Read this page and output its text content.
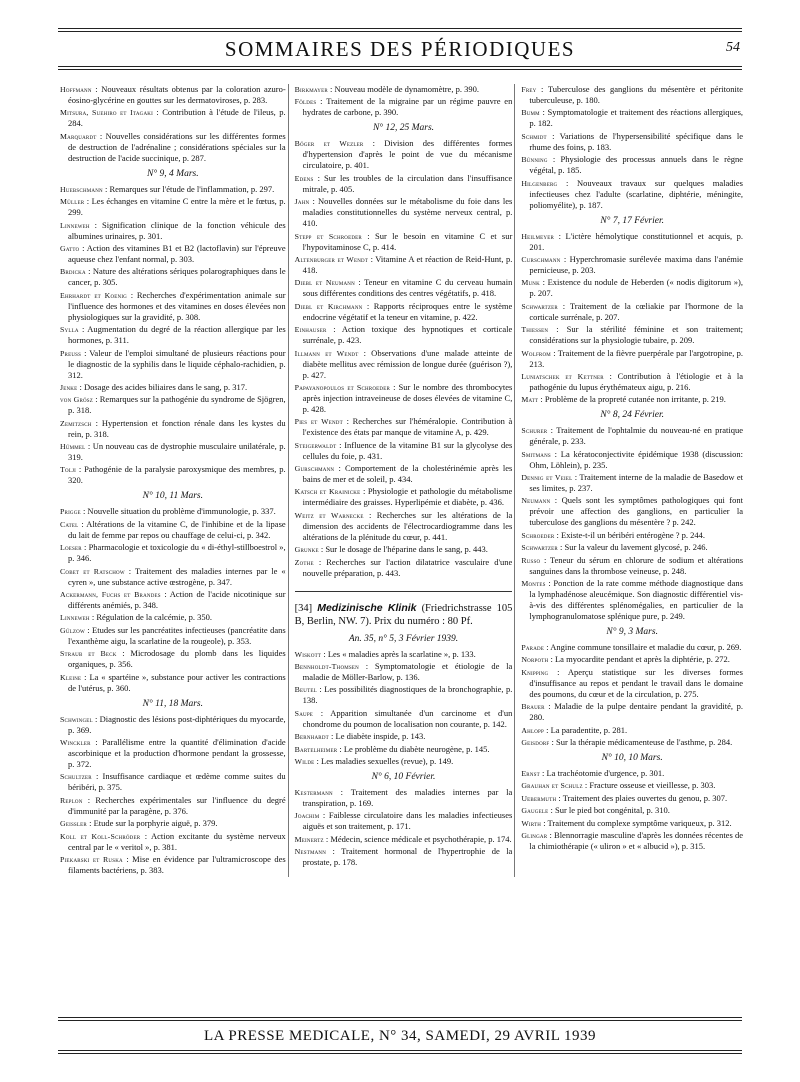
SOMMAIRES DES PÉRIODIQUES	54
Hoffmann : Nouveaux résultats obtenus par la coloration azuro-éosino-glycérine en gouttes sur les dermatoviroses, p. 283.
Mitsura, Suehiro et Itagaki : Contribution à l'étude de l'ileus, p. 284.
Marquardt : Nouvelles considérations sur les différentes formes de destruction de l'adrénaline ; considérations spéciales sur la destruction de l'acide succinique, p. 287.
N° 9, 4 Mars.
Huebschmann : Remarques sur l'étude de l'inflammation, p. 297.
Müller : Les échanges en vitamine C entre la mère et le fœtus, p. 299.
Linneweh : Signification clinique de la fonction véhicule des albumines urinaires, p. 301.
Gatto : Action des vitamines B1 et B2 (lactoflavin) sur l'épreuve aqueuse chez l'enfant normal, p. 303.
Brdicka : Nature des altérations sériques polarographiques dans le cancer, p. 305.
Ehrhardt et Koenig : Recherches d'expérimentation animale sur l'influence des hormones et des vitamines en doses élevées non physiologiques sur la gravidité, p. 308.
Sylla : Augmentation du degré de la réaction allergique par les hormones, p. 311.
Preuss : Valeur de l'emploi simultané de plusieurs réactions pour le diagnostic de la syphilis dans le liquide céphalo-rachidien, p. 312.
Jenke : Dosage des acides biliaires dans le sang, p. 317.
von Grösz : Remarques sur la pathogénie du syndrome de Sjögren, p. 318.
Zemitzsch : Hypertension et fonction rénale dans les kystes du rein, p. 318.
Hümmel : Un nouveau cas de dystrophie musculaire unilatérale, p. 319.
Tolji : Pathogénie de la paralysie paroxysmique des membres, p. 320.
N° 10, 11 Mars.
Prigge : Nouvelle situation du problème d'immunologie, p. 337.
Catel : Altérations de la vitamine C, de l'inhibine et de la lipase du lait de femme par repos ou chauffage de celui-ci, p. 342.
Loeser : Pharmacologie et toxicologie du « di-éthyl-stillboestrol », p. 346.
Cobet et Ratschow : Traitement des maladies internes par le « cyren », une substance active œstrogène, p. 347.
Ackermann, Fuchs et Brandes : Action de l'acide nicotinique sur différents anémiés, p. 348.
Linneweh : Régulation de la calcémie, p. 350.
Gülzow : Etudes sur les pancréatites infectieuses (pancréatite dans l'exanthème aigu, la scarlatine de la rougeole), p. 353.
Straub et Beck : Microdosage du plomb dans les liquides organiques, p. 356.
Kleine : La « spartéine », substance pour activer les contractions de l'utérus, p. 360.
N° 11, 18 Mars.
Schwingel : Diagnostic des lésions post-diphtériques du myocarde, p. 369.
Winckler : Parallélisme entre la quantité d'élimination d'acide ascorbinique et la production d'hormone pendant la grossesse, p. 372.
Schultzer : Insuffisance cardiaque et œdème comme suites du béribéri, p. 375.
Replon : Recherches expérimentales sur l'influence du degré d'immunité par la paragène, p. 376.
Geissler : Etude sur la porphyrie aiguë, p. 379.
Koll et Koll-Schröder : Action excitante du système nerveux central par le « veritol », p. 381.
Piekarski et Ruska : Mise en évidence par l'ultramicroscope des filaments bactériens, p. 383.
Birkmayer : Nouveau modèle de dynamomètre, p. 390.
Földes : Traitement de la migraine par un régime pauvre en hydrates de carbone, p. 390.
N° 12, 25 Mars.
Böger et Wezler : Division des différentes formes d'hypertension d'après le point de vue du mécanisme circulatoire, p. 401.
Edens : Sur les troubles de la circulation dans l'insuffisance mitrale, p. 405.
Jahn : Nouvelles données sur le métabolisme du foie dans les maladies constitutionnelles du système nerveux central, p. 410.
Stepp et Schroeder : Sur le besoin en vitamine C et sur l'hypovitaminose C, p. 414.
Altenburger et Wendt : Vitamine A et réaction de Reid-Hunt, p. 418.
Diebl et Neumann : Teneur en vitamine C du cerveau humain sous différentes conditions des centres végétatifs, p. 418.
Diebl et Kirchmann : Rapports réciproques entre le système endocrine végétatif et la teneur en vitamine, p. 422.
Einhauser : Action toxique des hypnotiques et corticale surrénale, p. 423.
Illmann et Wendt : Observations d'une malade atteinte de diabète mellitus avec rémission de longue durée (guérison ?), p. 427.
Papayanopoulos et Schroeder : Sur le nombre des thrombocytes après injection intraveineuse de doses élevées de vitamine C, p. 428.
Pies et Wendt : Recherches sur l'héméralopie. Contribution à l'existence des états par manque de vitamine A, p. 429.
Steigerwaldt : Influence de la vitamine B1 sur la glycolyse des cellules du foie, p. 431.
Gurschmann : Comportement de la cholestérinémie après les bains de mer et de soleil, p. 434.
Katsch et Krainicke : Physiologie et pathologie du métabolisme intermédiaire des graisses. Hyperlipémie et diabète, p. 436.
Weitz et Warnecke : Recherches sur les altérations de la dimension des accidents de l'électrocardiogramme dans les altérations de la plénitude du cœur, p. 441.
Grunke : Sur le dosage de l'héparine dans le sang, p. 443.
Zothe : Recherches sur l'action dilatatrice vasculaire d'une nouvelle préparation, p. 443.
[34] Medizinische Klinik (Friedrichstrasse 105 B, Berlin, NW. 7). Prix du numéro : 80 Pf.
An. 35, n° 5, 3 Février 1939.
Wiskott : Les « maladies après la scarlatine », p. 133.
Bennholdt-Thomsen : Symptomatologie et étiologie de la maladie de Möller-Barlow, p. 136.
Beutel : Les possibilités diagnostiques de la bronchographie, p. 138.
Saupe : Apparition simultanée d'un carcinome et d'un chondrome du poumon de localisation non courante, p. 142.
Bernhardt : Le diabète inspide, p. 143.
Bartelheimer : Le problème du diabète neurogène, p. 145.
Wilde : Les maladies sexuelles (revue), p. 149.
N° 6, 10 Février.
Kestermann : Traitement des maladies internes par la transpiration, p. 169.
Joachim : Faiblesse circulatoire dans les maladies infectieuses aiguës et son traitement, p. 171.
Meinertz : Médecin, science médicale et psychothérapie, p. 174.
Nestmann : Traitement hormonal de l'hypertrophie de la prostate, p. 178.
Frey : Tuberculose des ganglions du mésentère et péritonite tuberculeuse, p. 180.
Bumm : Symptomatologie et traitement des réactions allergiques, p. 182.
Schmidt : Variations de l'hypersensibilité spécifique dans le rhume des foins, p. 183.
Bünning : Physiologie des processus annuels dans le règne végétal, p. 185.
Hilgenberg : Nouveaux travaux sur quelques maladies infectieuses chez l'adulte (scarlatine, diphtérie, méningite, poliomyélite), p. 187.
N° 7, 17 Février.
Heilmeyer : L'ictère hémolytique constitutionnel et acquis, p. 201.
Curschmann : Hyperchromasie surélevée maxima dans l'anémie pernicieuse, p. 203.
Munk : Existence du nodule de Heberden (« nodis digitorum »), p. 207.
Schwartzer : Traitement de la cœliakie par l'hormone de la corticale surrénale, p. 207.
Thiessen : Sur la stérilité féminine et son traitement; considérations sur la physiologie tubaire, p. 209.
Wolfrom : Traitement de la fièvre puerpérale par l'argotropine, p. 213.
Luniatschek et Kettner : Contribution à l'étiologie et à la pathogénie du lupus érythémateux aigu, p. 216.
Matt : Problème de la propreté cutanée non irritante, p. 219.
N° 8, 24 Février.
Schurer : Traitement de l'ophtalmie du nouveau-né en pratique générale, p. 233.
Smitmans : La kératoconjectivite épidémique 1938 (discussion: Ohm, Löhlein), p. 235.
Dennig et Veiel : Traitement interne de la maladie de Basedow et ses limites, p. 237.
Neumann : Quels sont les symptômes pathologiques qui font prévoir une affection des ganglions, en particulier la tuberculose des ganglions du mésentère ? p. 242.
Schroeder : Existe-t-il un béribéri entérogène ? p. 244.
Schwartzer : Sur la valeur du lavement glycosé, p. 246.
Russo : Teneur du sérum en chlorure de sodium et altérations sanguines dans la thrombose veineuse, p. 248.
Montes : Ponction de la rate comme méthode diagnostique dans la lymphadénose aleucémique. Son diagnostic différentiel vis-à-vis des différentes splénomégalies, en particulier de la lymphogranulomatose splénique pure, p. 249.
N° 9, 3 Mars.
Parade : Angine commune tonsillaire et maladie du cœur, p. 269.
Norpoth : La myocardite pendant et après la diphtérie, p. 272.
Knipping : Aperçu statistique sur les diverses formes d'insuffisance au repos et pendant le travail dans le domaine des poumons, du cœur et de la circulation, p. 275.
Brauer : Maladie de la pulpe dentaire pendant la gravidité, p. 280.
Ahlopp : La paradentite, p. 281.
Geisdorf : Sur la thérapie médicamenteuse de l'asthme, p. 284.
N° 10, 10 Mars.
Ernst : La trachéotomie d'urgence, p. 301.
Grauhan et Schulz : Fracture osseuse et vieillesse, p. 303.
Uebermuth : Traitement des plaies ouvertes du genou, p. 307.
Gaugele : Sur le pied bot congénital, p. 310.
Wirth : Traitement du complexe symptôme variqueux, p. 312.
Glingar : Blennorragie masculine d'après les données récentes de la chimiothérapie (« uliron » et « albucid »), p. 315.
LA PRESSE MEDICALE, N° 34, SAMEDI, 29 AVRIL 1939
